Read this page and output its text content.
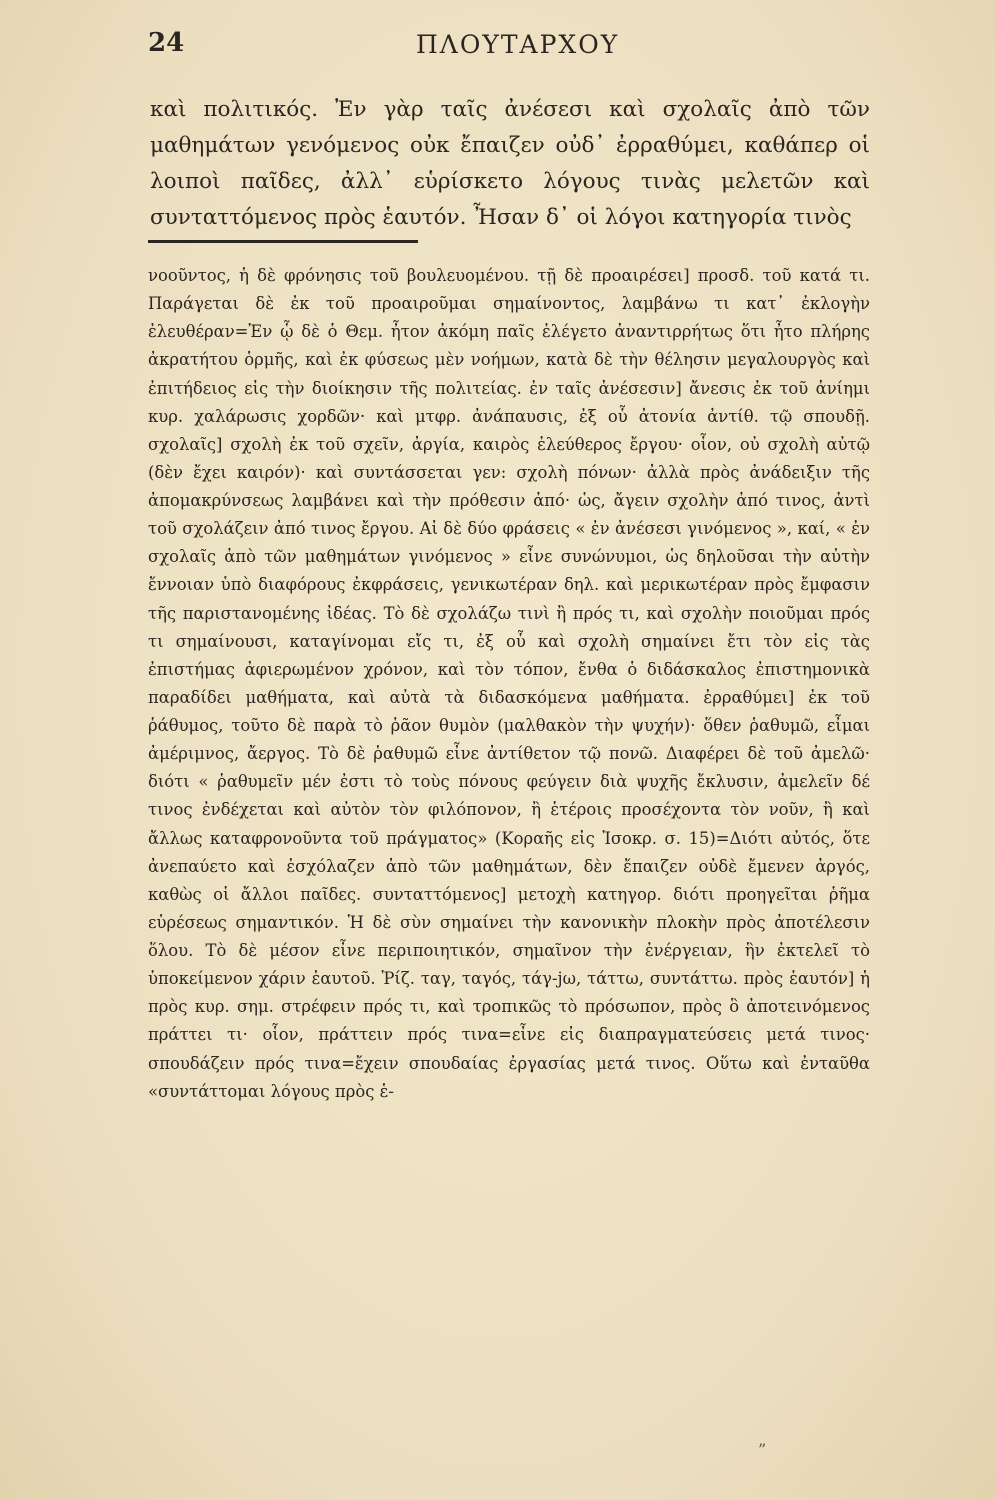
24	ΠΛΟΥΤΑΡΧΟΥ

καὶ πολιτικός. Ἐν γὰρ ταῖς ἀνέσεσι καὶ σχολαῖς ἀπὸ τῶν μαθημάτων γενόμενος οὐκ ἔπαιζεν οὐδ᾽ ἐρραθύμει, καθάπερ οἱ λοιποὶ παῖδες, ἀλλ᾽ εὑρίσκετο λόγους τινὰς μελετῶν καὶ συνταττόμενος πρὸς ἑαυτόν. Ἦσαν δ᾽ οἱ λόγοι κατηγορία τινὸς

νοοῦντος, ἡ δὲ φρόνησις τοῦ βουλευομένου. τῇ δὲ προαιρέσει] προσδ. τοῦ κατά τι. Παράγεται δὲ ἐκ τοῦ προαιροῦμαι σημαίνοντος, λαμβάνω τι κατ᾽ ἐκλογὴν ἐλευθέραν=Ἐν ᾧ δὲ ὁ Θεμ. ἦτον ἀκόμη παῖς ἐλέγετο ἀναντιρρήτως ὅτι ἦτο πλήρης ἀκρατήτου ὁρμῆς, καὶ ἐκ φύσεως μὲν νοήμων, κατὰ δὲ τὴν θέλησιν μεγαλουργὸς καὶ ἐπιτήδειος εἰς τὴν διοίκησιν τῆς πολιτείας. ἐν ταῖς ἀνέσεσιν] ἄνεσις ἐκ τοῦ ἀνίημι κυρ. χαλάρωσις χορδῶν· καὶ μτφρ. ἀνάπαυσις, ἐξ οὗ ἀτονία ἀντίθ. τῷ σπουδῇ. σχολαῖς] σχολὴ ἐκ τοῦ σχεῖν, ἀργία, καιρὸς ἐλεύθερος ἔργου· οἷον, οὐ σχολὴ αὐτῷ (δὲν ἔχει καιρόν)· καὶ συντάσσεται γεν: σχολὴ πόνων· ἀλλὰ πρὸς ἀνάδειξιν τῆς ἀπομακρύνσεως λαμβάνει καὶ τὴν πρόθεσιν ἀπό· ὡς, ἄγειν σχολὴν ἀπό τινος, ἀντὶ τοῦ σχολάζειν ἀπό τινος ἔργου. Αἱ δὲ δύο φράσεις « ἐν ἀνέσεσι γινόμενος », καί, « ἐν σχολαῖς ἀπὸ τῶν μαθημάτων γινόμενος » εἶνε συνώνυμοι, ὡς δηλοῦσαι τὴν αὐτὴν ἔννοιαν ὑπὸ διαφόρους ἐκφράσεις, γενικωτέραν δηλ. καὶ μερικωτέραν πρὸς ἔμφασιν τῆς παριστανομένης ἰδέας. Τὸ δὲ σχολάζω τινὶ ἢ πρός τι, καὶ σχολὴν ποιοῦμαι πρός τι σημαίνουσι, καταγίνομαι εἴς τι, ἐξ οὗ καὶ σχολὴ σημαίνει ἔτι τὸν εἰς τὰς ἐπιστήμας ἀφιερωμένον χρόνον, καὶ τὸν τόπον, ἔνθα ὁ διδάσκαλος ἐπιστημονικὰ παραδίδει μαθήματα, καὶ αὐτὰ τὰ διδασκόμενα μαθήματα. ἐρραθύμει] ἐκ τοῦ ῥάθυμος, τοῦτο δὲ παρὰ τὸ ῥᾶον θυμὸν (μαλθακὸν τὴν ψυχήν)· ὅθεν ῥαθυμῶ, εἶμαι ἀμέριμνος, ἄεργος. Τὸ δὲ ῥαθυμῶ εἶνε ἀντίθετον τῷ πονῶ. Διαφέρει δὲ τοῦ ἀμελῶ· διότι « ῥαθυμεῖν μέν ἐστι τὸ τοὺς πόνους φεύγειν διὰ ψυχῆς ἔκλυσιν, ἀμελεῖν δέ τινος ἐνδέχεται καὶ αὐτὸν τὸν φιλόπονον, ἢ ἑτέροις προσέχοντα τὸν νοῦν, ἢ καὶ ἄλλως καταφρονοῦντα τοῦ πράγματος» (Κοραῆς εἰς Ἰσοκρ. σ. 15)=Διότι αὐτός, ὅτε ἀνεπαύετο καὶ ἐσχόλαζεν ἀπὸ τῶν μαθημάτων, δὲν ἔπαιζεν οὐδὲ ἔμενεν ἀργός, καθὼς οἱ ἄλλοι παῖδες. συνταττόμενος] μετοχὴ κατηγορ. διότι προηγεῖται ῥῆμα εὑρέσεως σημαντικόν. Ἡ δὲ σὺν σημαίνει τὴν κανονικὴν πλοκὴν πρὸς ἀποτέλεσιν ὅλου. Τὸ δὲ μέσον εἶνε περιποιητικόν, σημαῖνον τὴν ἐνέργειαν, ἣν ἐκτελεῖ τὸ ὑποκείμενον χάριν ἑαυτοῦ. Ῥίζ. ταγ, ταγός, τάγ-jω, τάττω, συντάττω. πρὸς ἑαυτόν] ἡ πρὸς κυρ. σημ. στρέφειν πρός τι, καὶ τροπικῶς τὸ πρόσωπον, πρὸς ὃ ἀποτεινόμενος πράττει τι· οἷον, πράττειν πρός τινα=εἶνε εἰς διαπραγματεύσεις μετά τινος· σπουδάζειν πρός τινα=ἔχειν σπουδαίας ἐργασίας μετά τινος. Οὕτω καὶ ἐνταῦθα «συντάττομαι λόγους πρὸς ἑ-

”
